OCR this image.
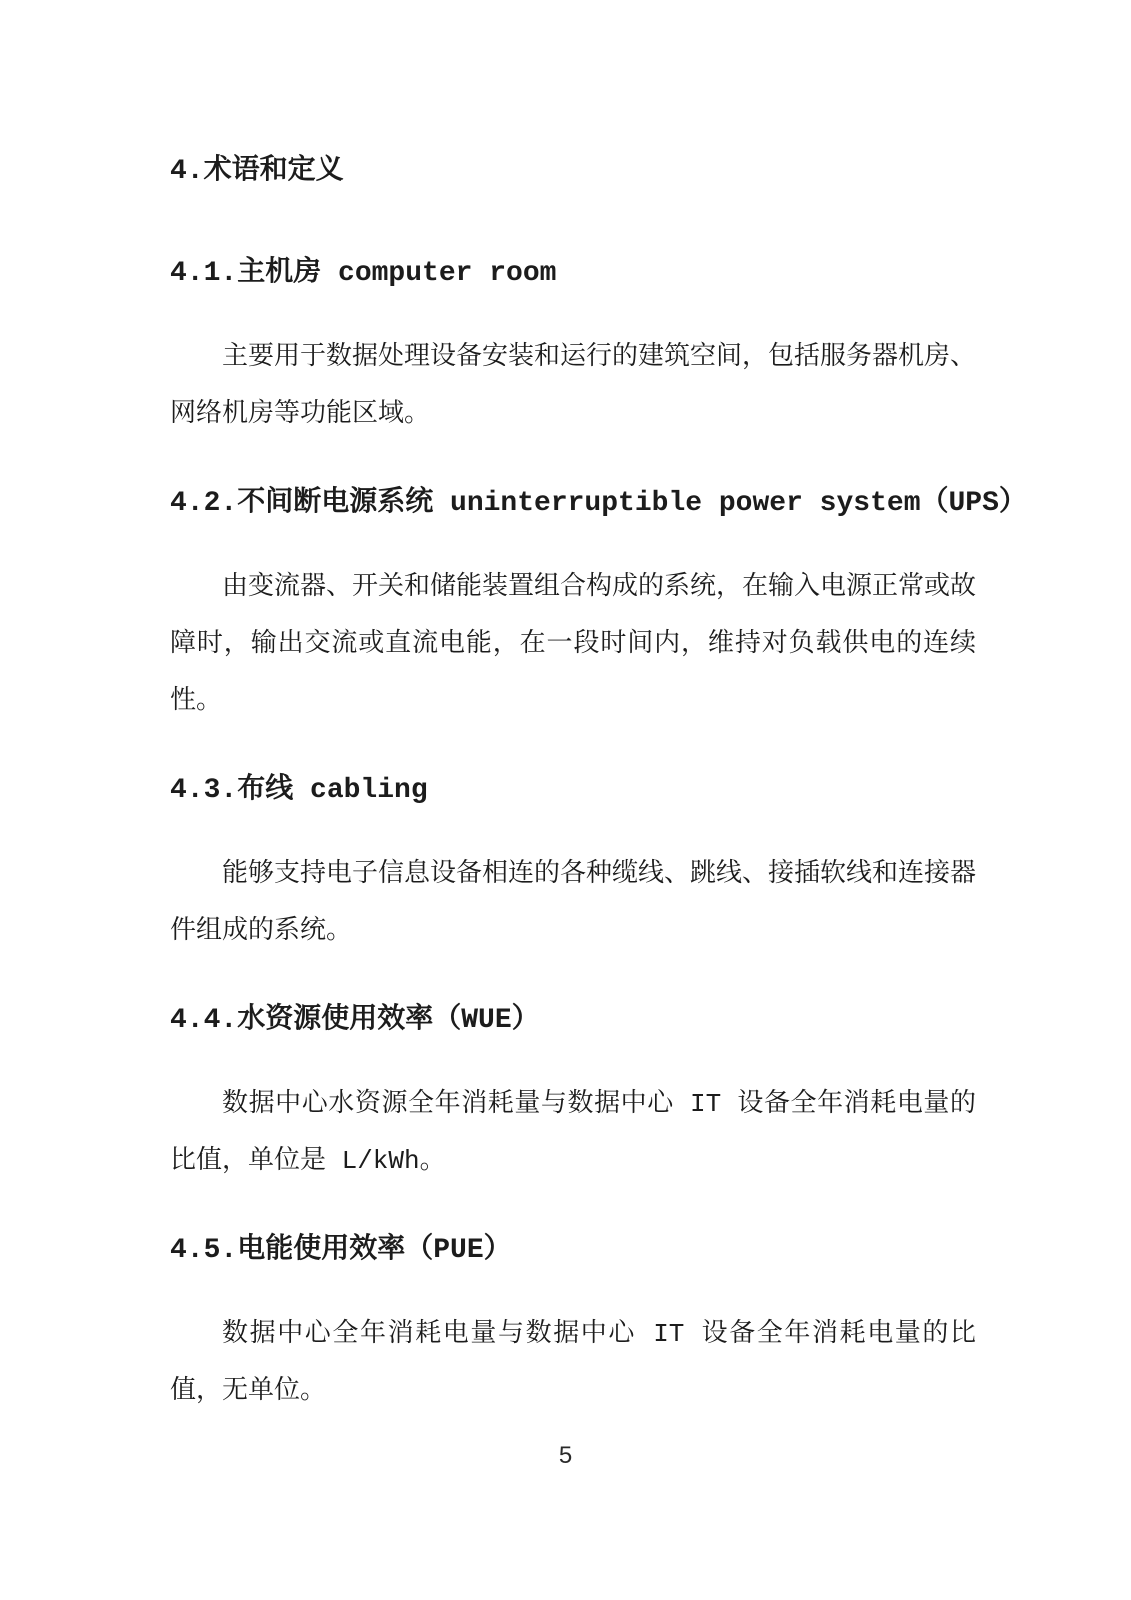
4.术语和定义
4.1.主机房 computer room

主要用于数据处理设备安装和运行的建筑空间，包括服务器机房、网络机房等功能区域。

4.2.不间断电源系统 uninterruptible power system（UPS）

由变流器、开关和储能装置组合构成的系统，在输入电源正常或故障时，输出交流或直流电能，在一段时间内，维持对负载供电的连续性。

4.3.布线 cabling

能够支持电子信息设备相连的各种缆线、跳线、接插软线和连接器件组成的系统。

4.4.水资源使用效率（WUE）

数据中心水资源全年消耗量与数据中心 IT 设备全年消耗电量的比值，单位是 L/kWh。

4.5.电能使用效率（PUE）

数据中心全年消耗电量与数据中心 IT 设备全年消耗电量的比值，无单位。

5
